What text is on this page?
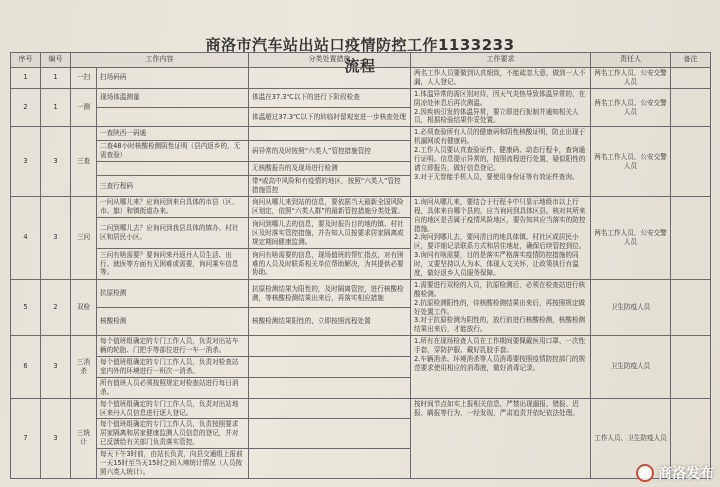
商洛市汽车站出站口疫情防控工作1133233流程
序号	编号	工作内容		分类处置措施	工作要求	责任人	备注
1	1	一扫	扫场码码		两名工作人员要做到认真细致，不能疏忽大意，做到一人不漏，人人登记。	两名工作人员、公安交警人员	
2	1	一测	现场体温测量	体温在37.3℃以下的进行下阶段检查	1.体温异常的需区别对待，因天气炎热导致体温异常的，在阴凉处休息后再次测温。
2.因疾病引发的体温异常，要立即进行扼制并通知相关人员，根据检验结果作妥处置。	两名工作人员、公安交警人员	
				体温超过37.3℃以下的转临时留观室进一步核查处理			
3	3	三查	一查陕西一码通		1.必须查验所有人员的健康码和阴性核酸证明，防止出现于机漏网或有健康码。
2.工作人员要认真查验证件、健康码、动态行程卡，查询通行证明。信息提示异常的，按照流程进行处置，疑似阳性的请立即报告，做好信息登记。
3.对于无智能手机人员，要使用身份证等有效证件查询。	两名工作人员、公安交警人员	
			二查48小时核酸检测阴性证明（县内返乡的，无需查验）	码异常的及时按照“六类人”管控措施管控			
				无核酸报告的及现场进行检测			
			三查行程码	带*或高中风险和有疫情的地区，按照“六类人”管控措施管控			
4	3	三问	一问从哪儿来？应询问到来自具体的市县（区、市、旗）和镇街道办来。	询问从哪儿来到站的信息，要依据当天最新全国风险区划定，依照“六类人群”的最新管控措施分类处置。	1.询问从哪儿来，要结合于行程卡中只显示地级市以上行程，具体来自哪个县的，应当询问到具体区县。核对其所来自的地区是否属于疫情风险地区，要告知其应当落实的防控措施。
2.询问到哪儿去，要问清目的地具体镇、村社区或居民小区，要详细记录联系方式和居住地址，确保后续管控到位。
3.询问有啥需要，目的是落实严格落实疫情防控措施的同时，又要坚持以人为本，体现人文关怀，让政策执行有温度，做好返乡人员服务保障。	两名工作人员、公安交警人员	
			二问到哪儿去？应询问到我县具体的镇办、村社区和居民小区。	询问到哪儿去的信息，要及时报告目的地的镇、村社区及时落实管控措施，并告知人员按要求居家隔离或规定期间健康监测。			
			三问有啥需要？要询问来丹返丹人员生活、出行、就医等方面有无困难或需要，询问乘车信息等。	询问有啥需要的信息，现场值班的帮忙指点，对有困难的人员及时联系相关单位帮助解决，为其提供必要协助。			
5	2	双检	抗原检测	抗原检测结果为阳性的，及时隔离管控，进行核酸检测，等核酸检测结果出来后，再落实相应措施	1.需要进行双检的人员，抗原检测后，必须在检查站进行核酸检测。
2.抗原检测阳性的，待核酸检测结果出来后，再按照规定做好处置工作。
3.对于抗原检测为阴性的，放行前进行核酸检测，核酸检测结果出来后，才能放行。	卫生防疫人员	
			核酸检测	核酸检测结果阳性的，立即按照流程处置			
6	3	三消杀	每个值班组确定的专门工作人员，负责对出站车辆的轮胎、门把手等部位进行一车一消杀。		1.所有在现场检查人员在工作期间要佩戴医用口罩、一次性手套，穿防护服、戴好乳胶手套。
2.车辆消杀、环境消杀等人员消毒要按照疫情防控部门的规范要求使用相应的消毒液，做好消毒记录。	卫生防疫人员	
			每个值班组确定的专门工作人员，负责对检查站室内外的环境进行一班次一消杀。				
			所有值班人员必须按照规定对检查站进行每日消杀。				
7	3	三统计	每个值班组确定的专门工作人员，负责对出站地区来丹人员信息进行逐人登记。		按时间节点如实上报相关信息，严禁出现漏报、错报、迟报、瞒报等行为，一经发现，严肃追责并依纪依法处理。	工作人员、卫生防疫人员	
			每个值班组确定的专门工作人员，负责按照要求居家隔离和居家健康监测人员信息的登记，并对已反馈给有关部门负责落实管控。				
			每天下午3时前，由站长负责，向县交通组上报前一天15时至当天15时之间入境统计情况（人员按照六类人统计）。					商洛发布
